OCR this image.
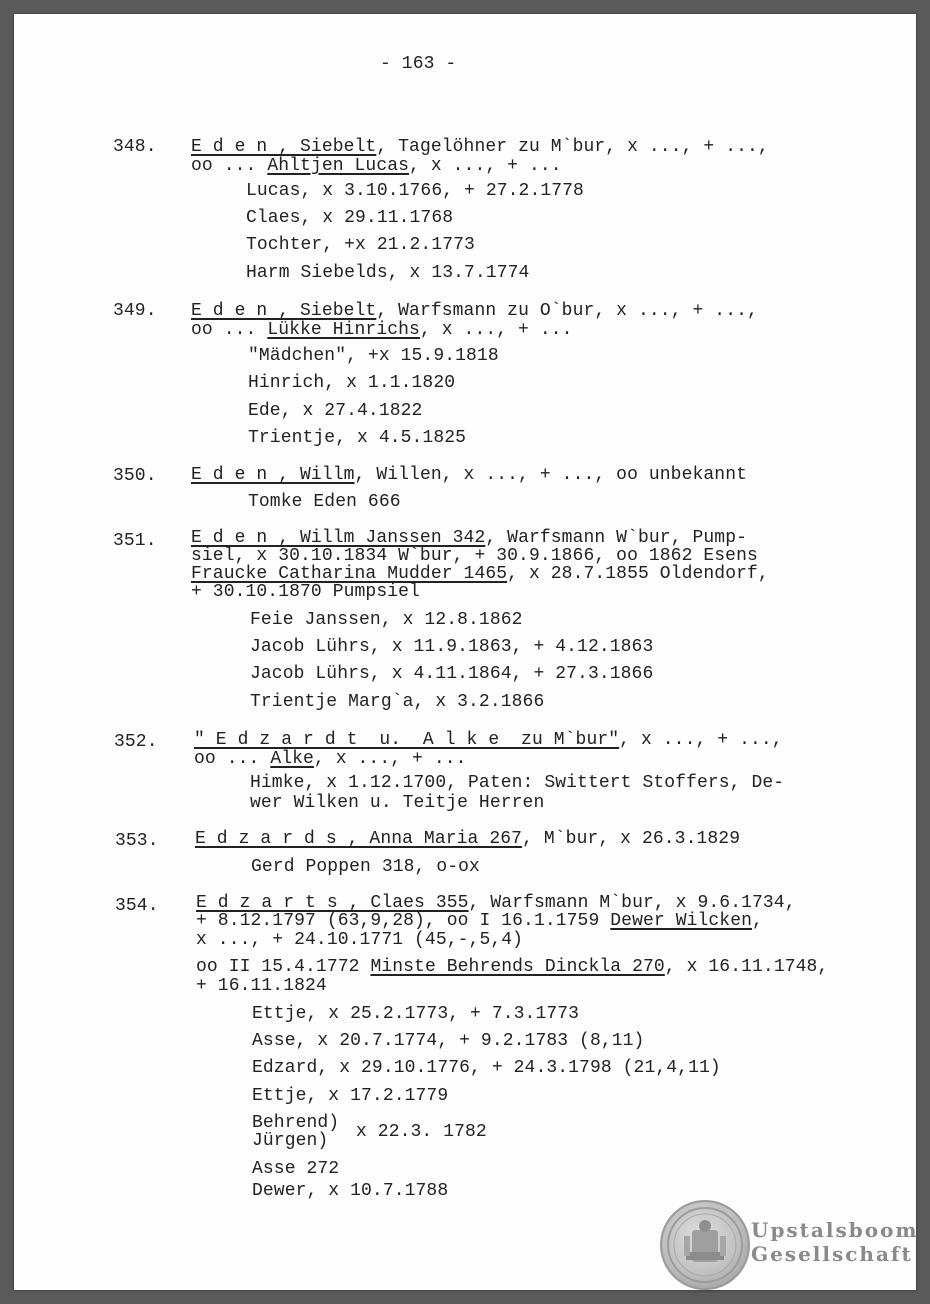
- 163 -
348. E d e n , Siebelt, Tagelöhner zu M`bur, x ..., + ...,
oo ... Ahltjen Lucas, x ..., + ...
Lucas, x 3.10.1766, + 27.2.1778
Claes, x 29.11.1768
Tochter, +x 21.2.1773
Harm Siebelds, x 13.7.1774
349. E d e n , Siebelt, Warfsmann zu O`bur, x ..., + ...,
oo ... Lükke Hinrichs, x ..., + ...
"Mädchen", +x 15.9.1818
Hinrich, x 1.1.1820
Ede, x 27.4.1822
Trientje, x 4.5.1825
350. E d e n , Willm, Willen, x ..., + ..., oo unbekannt
Tomke Eden 666
351. E d e n , Willm Janssen 342, Warfsmann W`bur, Pump-
siel, x 30.10.1834 W`bur, + 30.9.1866, oo 1862 Esens
Fraucke Catharina Mudder 1465, x 28.7.1855 Oldendorf,
+ 30.10.1870 Pumpsiel
Feie Janssen, x 12.8.1862
Jacob Lührs, x 11.9.1863, + 4.12.1863
Jacob Lührs, x 4.11.1864, + 27.3.1866
Trientje Marg`a, x 3.2.1866
352. " E d z a r d t  u.  A l k e  zu M`bur", x ..., + ...,
oo ... Alke, x ..., + ...
Himke, x 1.12.1700, Paten: Swittert Stoffers, De-
wer Wilken u. Teitje Herren
353. E d z a r d s , Anna Maria 267, M`bur, x 26.3.1829
Gerd Poppen 318, o-ox
354. E d z a r t s , Claes 355, Warfsmann M`bur, x 9.6.1734,
+ 8.12.1797 (63,9,28), oo I 16.1.1759 Dewer Wilcken,
x ..., + 24.10.1771 (45,-,5,4)
oo II 15.4.1772 Minste Behrends Dinckla 270, x 16.11.1748,
+ 16.11.1824
Ettje, x 25.2.1773, + 7.3.1773
Asse, x 20.7.1774, + 9.2.1783 (8,11)
Edzard, x 29.10.1776, + 24.3.1798 (21,4,11)
Ettje, x 17.2.1779
Behrend)
Jürgen) x 22.3. 1782
Asse 272
Dewer, x 10.7.1788
Upstalsboom
Gesellschaft
